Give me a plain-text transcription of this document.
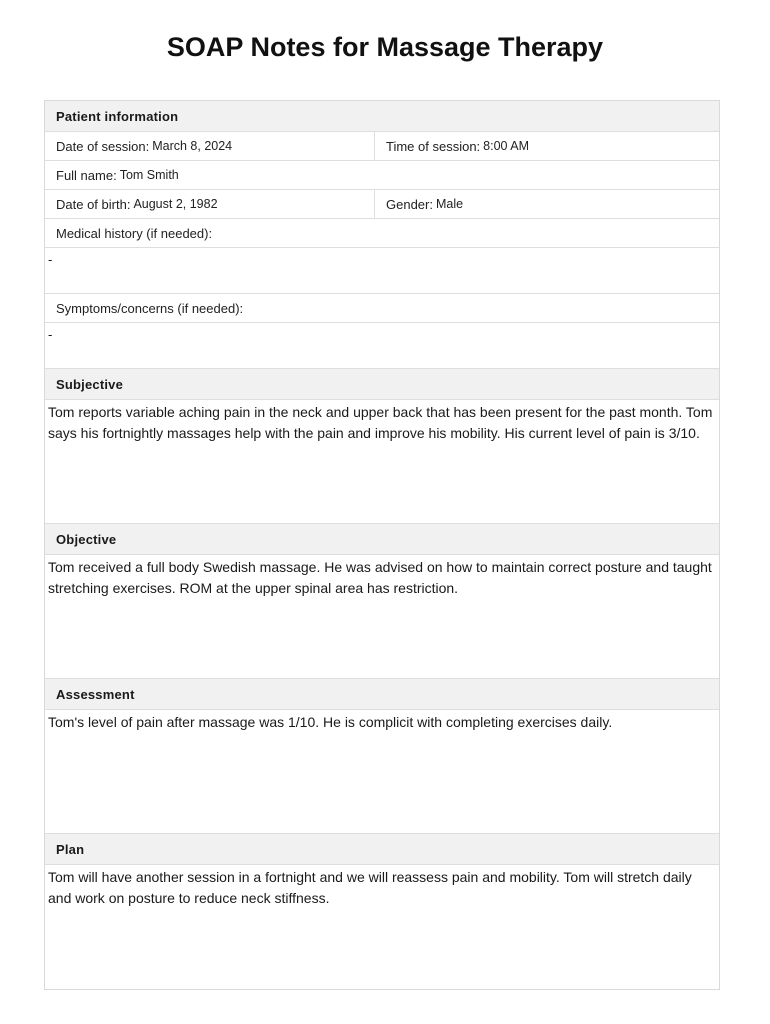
SOAP Notes for Massage Therapy
Patient information
Date of session: March 8, 2024	Time of session: 8:00 AM
Full name: Tom Smith
Date of birth: August 2, 1982	Gender: Male
Medical history (if needed):
-
Symptoms/concerns (if needed):
-
Subjective
Tom reports variable aching pain in the neck and upper back that has been present for the past month. Tom says his fortnightly massages help with the pain and improve his mobility. His current level of pain is 3/10.
Objective
Tom received a full body Swedish massage. He was advised on how to maintain correct posture and taught stretching exercises. ROM at the upper spinal area has restriction.
Assessment
Tom's level of pain after massage was 1/10. He is complicit with completing exercises daily.
Plan
Tom will have another session in a fortnight and we will reassess pain and mobility. Tom will stretch daily and work on posture to reduce neck stiffness.
